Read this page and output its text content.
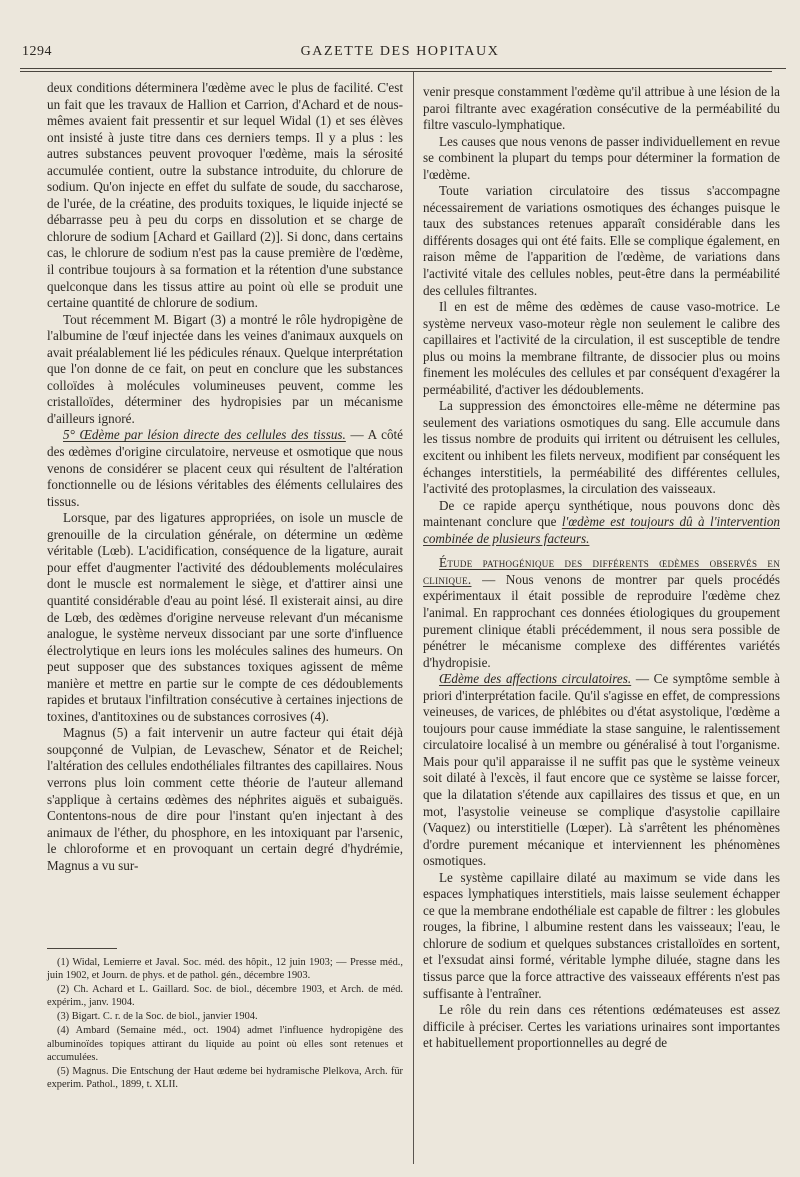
1294	GAZETTE DES HOPITAUX

deux conditions déterminera l'œdème avec le plus de facilité. C'est un fait que les travaux de Hallion et Carrion, d'Achard et de nous-mêmes avaient fait pressentir et sur lequel Widal (1) et ses élèves ont insisté à juste titre dans ces derniers temps. Il y a plus : les autres substances peuvent provoquer l'œdème, mais la sérosité accumulée contient, outre la substance introduite, du chlorure de sodium. Qu'on injecte en effet du sulfate de soude, du saccharose, de l'urée, de la créatine, des produits toxiques, le liquide injecté se débarrasse peu à peu du corps en dissolution et se charge de chlorure de sodium [Achard et Gaillard (2)]. Si donc, dans certains cas, le chlorure de sodium n'est pas la cause première de l'œdème, il contribue toujours à sa formation et la rétention d'une substance quelconque dans les tissus attire au point où elle se produit une certaine quantité de chlorure de sodium.

Tout récemment M. Bigart (3) a montré le rôle hydropigène de l'albumine de l'œuf injectée dans les veines d'animaux auxquels on avait préalablement lié les pédicules rénaux. Quelque interprétation que l'on donne de ce fait, on peut en conclure que les substances colloïdes à molécules volumineuses peuvent, comme les cristalloïdes, déterminer des hydropisies par un mécanisme d'ailleurs ignoré.

5° Œdème par lésion directe des cellules des tissus. — A côté des œdèmes d'origine circulatoire, nerveuse et osmotique que nous venons de considérer se placent ceux qui résultent de l'altération fonctionnelle ou de lésions véritables des éléments cellulaires des tissus.

Lorsque, par des ligatures appropriées, on isole un muscle de grenouille de la circulation générale, on détermine un œdème véritable (Lœb). L'acidification, conséquence de la ligature, aurait pour effet d'augmenter l'activité des dédoublements moléculaires dont le muscle est normalement le siège, et d'attirer ainsi une quantité considérable d'eau au point lésé. Il existerait ainsi, au dire de Lœb, des œdèmes d'origine nerveuse relevant d'un mécanisme analogue, le système nerveux dissociant par une sorte d'influence électrolytique en leurs ions les molécules salines des humeurs. On peut supposer que des substances toxiques agissent de même manière et mettre en partie sur le compte de ces dédoublements rapides et brutaux l'infiltration consécutive à certaines injections de toxines, d'antitoxines ou de substances corrosives (4).

Magnus (5) a fait intervenir un autre facteur qui était déjà soupçonné de Vulpian, de Levaschew, Sénator et de Reichel; l'altération des cellules endothéliales filtrantes des capillaires. Nous verrons plus loin comment cette théorie de l'auteur allemand s'applique à certains œdèmes des néphrites aiguës et subaiguës. Contentons-nous de dire pour l'instant qu'en injectant à des animaux de l'éther, du phosphore, en les intoxiquant par l'arsenic, le chloroforme et en provoquant un certain degré d'hydrémie, Magnus a vu sur-

(1) Widal, Lemierre et Javal. Soc. méd. des hôpit., 12 juin 1903; — Presse méd., juin 1902, et Journ. de phys. et de pathol. gén., décembre 1903.

(2) Ch. Achard et L. Gaillard. Soc. de biol., décembre 1903, et Arch. de méd. expérim., janv. 1904.

(3) Bigart. C. r. de la Soc. de biol., janvier 1904.

(4) Ambard (Semaine méd., oct. 1904) admet l'influence hydropigène des albuminoïdes topiques attirant du liquide au point où elles sont retenues et accumulées.

(5) Magnus. Die Entschung der Haut œdeme bei hydramische Plelkova, Arch. für experim. Pathol., 1899, t. XLII.

venir presque constamment l'œdème qu'il attribue à une lésion de la paroi filtrante avec exagération consécutive de la perméabilité du filtre vasculo-lymphatique.

Les causes que nous venons de passer individuellement en revue se combinent la plupart du temps pour déterminer la formation de l'œdème.

Toute variation circulatoire des tissus s'accompagne nécessairement de variations osmotiques des échanges puisque le taux des substances retenues apparaît considérable dans les différents dosages qui ont été faits. Elle se complique également, en raison même de l'apparition de l'œdème, de variations dans l'activité vitale des cellules nobles, peut-être dans la perméabilité des cellules filtrantes.

Il en est de même des œdèmes de cause vaso-motrice. Le système nerveux vaso-moteur règle non seulement le calibre des capillaires et l'activité de la circulation, il est susceptible de tendre plus ou moins la membrane filtrante, de dissocier plus ou moins finement les molécules des cellules et par conséquent d'exagérer la perméabilité, d'activer les dédoublements.

La suppression des émonctoires elle-même ne détermine pas seulement des variations osmotiques du sang. Elle accumule dans les tissus nombre de produits qui irritent ou détruisent les cellules, excitent ou inhibent les filets nerveux, modifient par conséquent les échanges interstitiels, la perméabilité des différentes cellules, l'activité des protoplasmes, la circulation des vaisseaux.

De ce rapide aperçu synthétique, nous pouvons donc dès maintenant conclure que l'œdème est toujours dû à l'intervention combinée de plusieurs facteurs.

Étude pathogénique des différents œdèmes observés en clinique. — Nous venons de montrer par quels procédés expérimentaux il était possible de reproduire l'œdème chez l'animal. En rapprochant ces données étiologiques du groupement purement clinique établi précédemment, il nous sera possible de pénétrer le mécanisme complexe des différentes variétés d'hydropisie.

Œdème des affections circulatoires. — Ce symptôme semble à priori d'interprétation facile. Qu'il s'agisse en effet, de compressions veineuses, de varices, de phlébites ou d'état asystolique, l'œdème a toujours pour cause immédiate la stase sanguine, le ralentissement circulatoire localisé à un membre ou généralisé à tout l'organisme. Mais pour qu'il apparaisse il ne suffit pas que le système veineux soit dilaté à l'excès, il faut encore que ce système se laisse forcer, que la dilatation s'étende aux capillaires des tissus et que, en un mot, l'asystolie veineuse se complique d'asystolie capillaire (Vaquez) ou interstitielle (Lœper). Là s'arrêtent les phénomènes d'ordre purement mécanique et interviennent les phénomènes osmotiques.

Le système capillaire dilaté au maximum se vide dans les espaces lymphatiques interstitiels, mais laisse seulement échapper ce que la membrane endothéliale est capable de filtrer : les globules rouges, la fibrine, l albumine restent dans les vaisseaux; l'eau, le chlorure de sodium et quelques substances cristalloïdes en sortent, et l'exsudat ainsi formé, véritable lymphe diluée, stagne dans les tissus parce que la force attractive des vaisseaux efférents n'est pas suffisante à l'entraîner.

Le rôle du rein dans ces rétentions œdémateuses est assez difficile à préciser. Certes les variations urinaires sont importantes et habituellement proportionnelles au degré de
